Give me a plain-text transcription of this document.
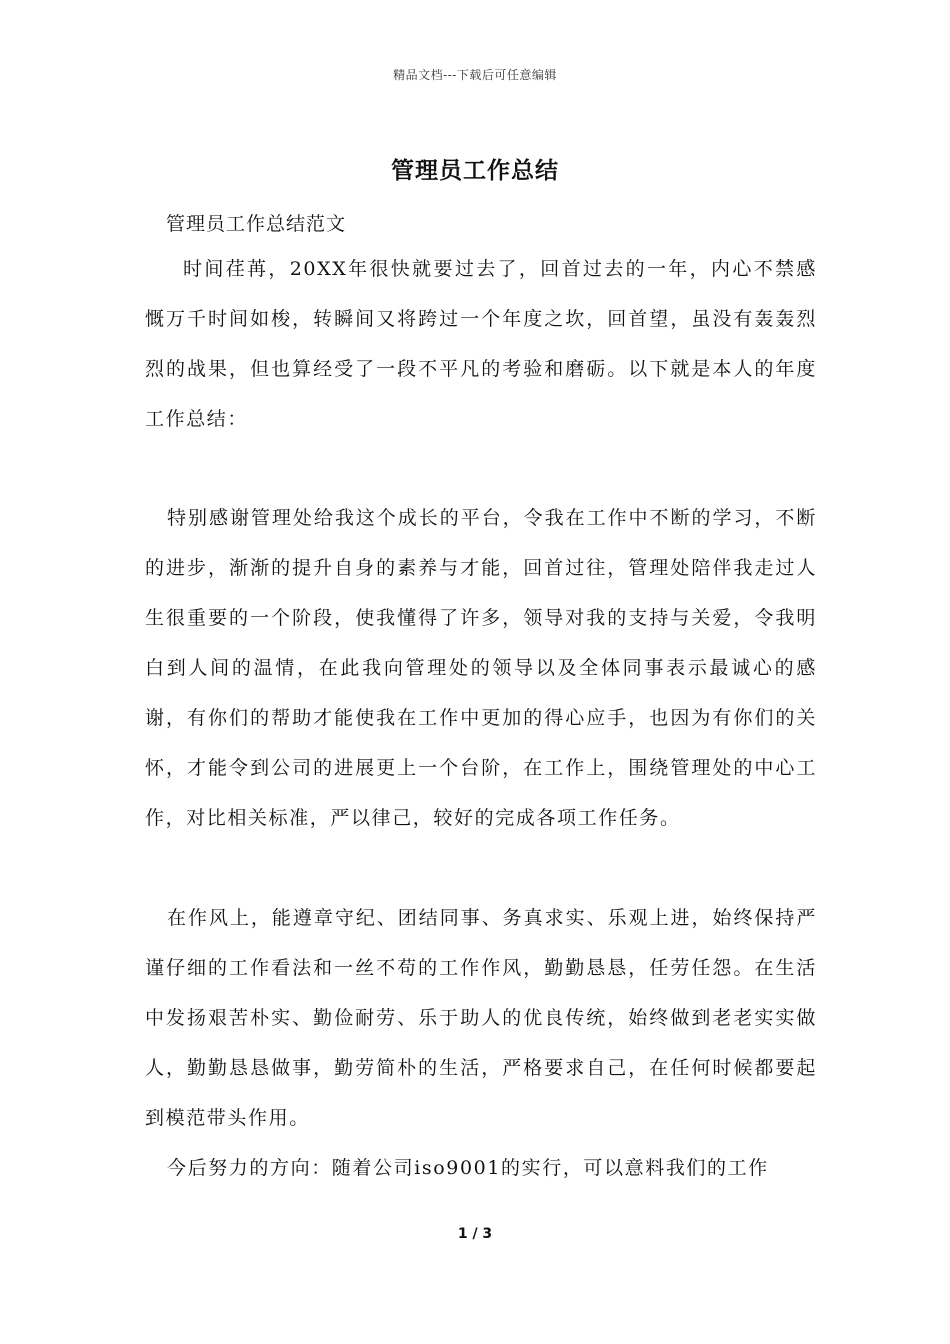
精品文档---下载后可任意编辑
管理员工作总结
管理员工作总结范文
时间荏苒，20XX年很快就要过去了，回首过去的一年，内心不禁感慨万千时间如梭，转瞬间又将跨过一个年度之坎，回首望，虽没有轰轰烈烈的战果，但也算经受了一段不平凡的考验和磨砺。以下就是本人的年度工作总结：
特别感谢管理处给我这个成长的平台，令我在工作中不断的学习，不断的进步，渐渐的提升自身的素养与才能，回首过往，管理处陪伴我走过人生很重要的一个阶段，使我懂得了许多，领导对我的支持与关爱，令我明白到人间的温情，在此我向管理处的领导以及全体同事表示最诚心的感谢，有你们的帮助才能使我在工作中更加的得心应手，也因为有你们的关怀，才能令到公司的进展更上一个台阶，在工作上，围绕管理处的中心工作，对比相关标准，严以律己，较好的完成各项工作任务。
在作风上，能遵章守纪、团结同事、务真求实、乐观上进，始终保持严谨仔细的工作看法和一丝不苟的工作作风，勤勤恳恳，任劳任怨。在生活中发扬艰苦朴实、勤俭耐劳、乐于助人的优良传统，始终做到老老实实做人，勤勤恳恳做事，勤劳简朴的生活，严格要求自己，在任何时候都要起到模范带头作用。
今后努力的方向：随着公司iso9001的实行，可以意料我们的工作
1 / 3
